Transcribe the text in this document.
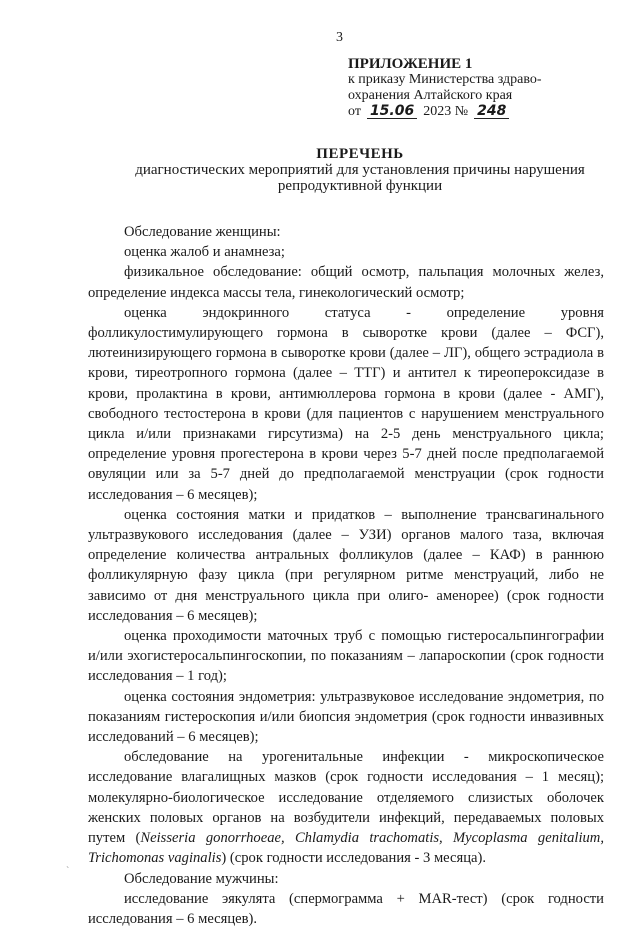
3
ПРИЛОЖЕНИЕ 1
к приказу Министерства здраво-
охранения Алтайского края
от 15.06 2023 № 248
ПЕРЕЧЕНЬ
диагностических мероприятий для установления причины нарушения репродуктивной функции

Обследование женщины:

оценка жалоб и анамнеза;

физикальное обследование: общий осмотр, пальпация молочных желез, определение индекса массы тела, гинекологический осмотр;

оценка эндокринного статуса - определение уровня фолликулостимулирующего гормона в сыворотке крови (далее – ФСГ), лютеинизирующего гормона в сыворотке крови (далее – ЛГ), общего эстрадиола в крови, тиреотропного гормона (далее – ТТГ) и антител к тиреопероксидазе в крови, пролактина в крови, антимюллерова гормона в крови (далее - АМГ), свободного тестостерона в крови (для пациентов с нарушением менструального цикла и/или признаками гирсутизма) на 2-5 день менструального цикла; определение уровня прогестерона в крови через 5-7 дней после предполагаемой овуляции или за 5-7 дней до предполагаемой менструации (срок годности исследования – 6 месяцев);

оценка состояния матки и придатков – выполнение трансвагинального ультразвукового исследования (далее – УЗИ) органов малого таза, включая определение количества антральных фолликулов (далее – КАФ) в раннюю фолликулярную фазу цикла (при регулярном ритме менструаций, либо не зависимо от дня менструального цикла при олиго- аменорее) (срок годности исследования – 6 месяцев);

оценка проходимости маточных труб с помощью гистеросальпингографии и/или эхогистеросальпингоскопии, по показаниям – лапароскопии (срок годности исследования – 1 год);

оценка состояния эндометрия: ультразвуковое исследование эндометрия, по показаниям гистероскопия и/или биопсия эндометрия (срок годности инвазивных исследований – 6 месяцев);

обследование на урогенитальные инфекции - микроскопическое исследование влагалищных мазков (срок годности исследования – 1 месяц); молекулярно-биологическое исследование отделяемого слизистых оболочек женских половых органов на возбудители инфекций, передаваемых половых путем (Neisseria gonorrhoeae, Chlamydia trachomatis, Mycoplasma genitalium, Trichomonas vaginalis) (срок годности исследования - 3 месяца).

Обследование мужчины:

исследование эякулята (спермограмма + MAR-тест) (срок годности исследования – 6 месяцев).

ˋ
